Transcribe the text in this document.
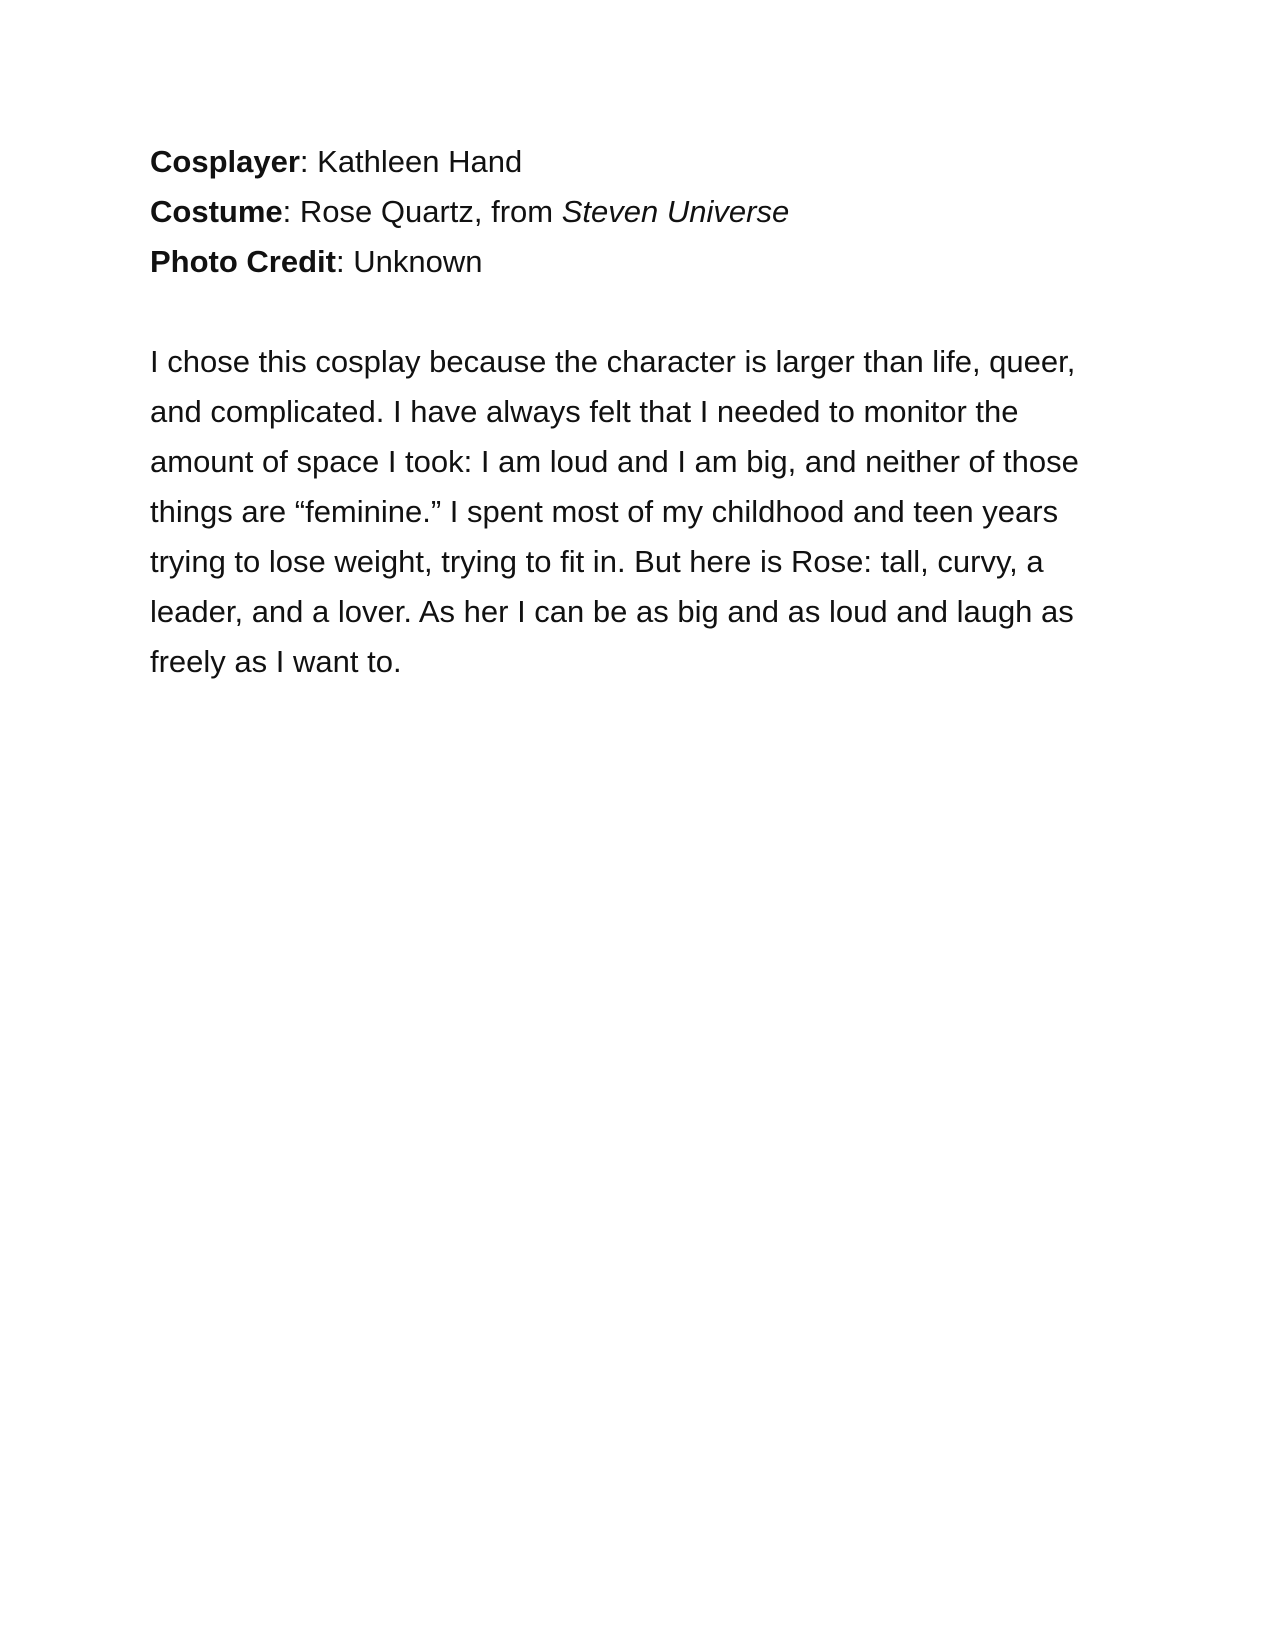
Cosplayer: Kathleen Hand
Costume: Rose Quartz, from Steven Universe
Photo Credit: Unknown

I chose this cosplay because the character is larger than life, queer,
and complicated. I have always felt that I needed to monitor the
amount of space I took: I am loud and I am big, and neither of those
things are “feminine.” I spent most of my childhood and teen years
trying to lose weight, trying to fit in. But here is Rose: tall, curvy, a
leader, and a lover. As her I can be as big and as loud and laugh as
freely as I want to.
